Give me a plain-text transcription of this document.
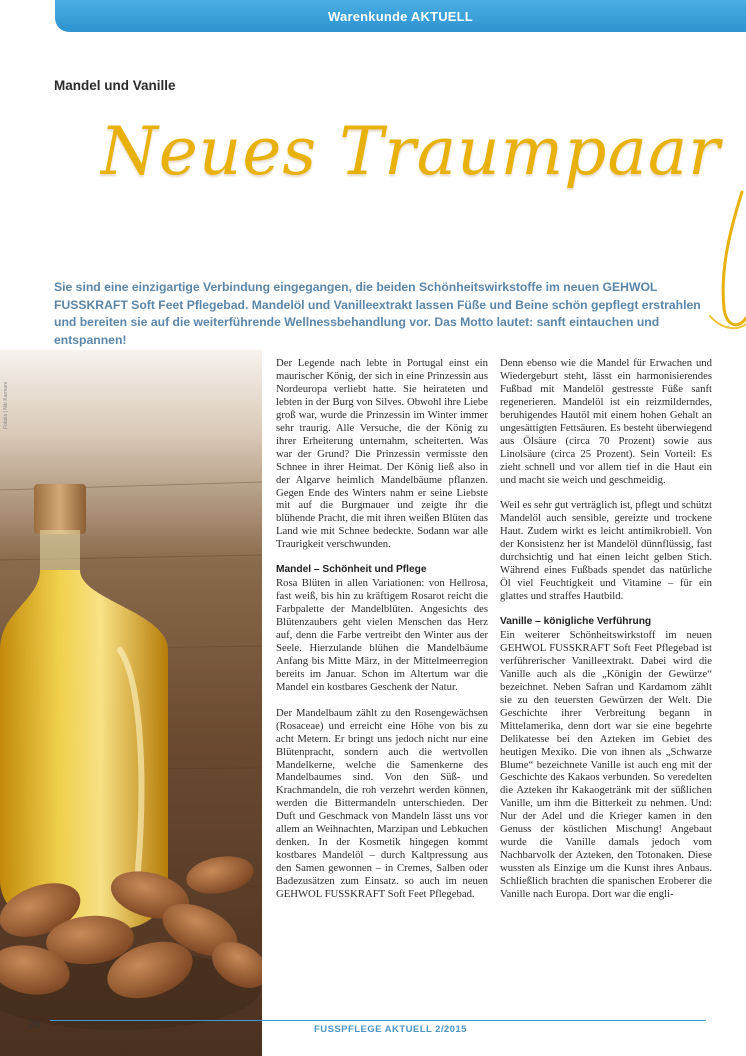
Warenkunde AKTUELL
Mandel und Vanille
Neues Traumpaar
Sie sind eine einzigartige Verbindung eingegangen, die beiden Schönheitswirkstoffe im neuen GEHWOL FUSSKRAFT Soft Feet Pflegebad. Mandelöl und Vanilleextrakt lassen Füße und Beine schön gepflegt erstrahlen und bereiten sie auf die weiterführende Wellnessbehandlung vor. Das Motto lautet: sanft eintauchen und entspannen!
Fotolia | Nitr Karmani

Der Legende nach lebte in Portugal einst ein maurischer König, der sich in eine Prinzessin aus Nordeuropa verliebt hatte. Sie heirateten und lebten in der Burg von Silves. Obwohl ihre Liebe groß war, wurde die Prinzessin im Winter immer sehr traurig. Alle Versuche, die der König zu ihrer Erheiterung unternahm, scheiterten. Was war der Grund? Die Prinzessin vermisste den Schnee in ihrer Heimat. Der König ließ also in der Algarve heimlich Mandelbäume pflanzen. Gegen Ende des Winters nahm er seine Liebste mit auf die Burgmauer und zeigte ihr die blühende Pracht, die mit ihren weißen Blüten das Land wie mit Schnee bedeckte. Sodann war alle Traurigkeit verschwunden.

Mandel – Schönheit und Pflege

Rosa Blüten in allen Variationen: von Hellrosa, fast weiß, bis hin zu kräftigem Rosarot reicht die Farbpalette der Mandelblüten. Angesichts des Blütenzaubers geht vielen Menschen das Herz auf, denn die Farbe vertreibt den Winter aus der Seele. Hierzulande blühen die Mandelbäume Anfang bis Mitte März, in der Mittelmeerregion bereits im Januar. Schon im Altertum war die Mandel ein kostbares Geschenk der Natur.

Der Mandelbaum zählt zu den Rosengewächsen (Rosaceae) und erreicht eine Höhe von bis zu acht Metern. Er bringt uns jedoch nicht nur eine Blütenpracht, sondern auch die wertvollen Mandelkerne, welche die Samenkerne des Mandelbaumes sind. Von den Süß- und Krachmandeln, die roh verzehrt werden können, werden die Bittermandeln unterschieden. Der Duft und Geschmack von Mandeln lässt uns vor allem an Weihnachten, Marzipan und Lebkuchen denken. In der Kosmetik hingegen kommt kostbares Mandelöl – durch Kaltpressung aus den Samen gewonnen – in Cremes, Salben oder Badezusätzen zum Einsatz. so auch im neuen GEHWOL FUSSKRAFT Soft Feet Pflegebad.

Denn ebenso wie die Mandel für Erwachen und Wiedergeburt steht, lässt ein harmonisierendes Fußbad mit Mandelöl gestresste Füße sanft regenerieren. Mandelöl ist ein reizmilderndes, beruhigendes Hautöl mit einem hohen Gehalt an ungesättigten Fettsäuren. Es besteht überwiegend aus Ölsäure (circa 70 Prozent) sowie aus Linolsäure (circa 25 Prozent). Sein Vorteil: Es zieht schnell und vor allem tief in die Haut ein und macht sie weich und geschmeidig.

Weil es sehr gut verträglich ist, pflegt und schützt Mandelöl auch sensible, gereizte und trockene Haut. Zudem wirkt es leicht antimikrobiell. Von der Konsistenz her ist Mandelöl dünnflüssig, fast durchsichtig und hat einen leicht gelben Stich. Während eines Fußbads spendet das natürliche Öl viel Feuchtigkeit und Vitamine – für ein glattes und straffes Hautbild.

Vanille – königliche Verführung

Ein weiterer Schönheitswirkstoff im neuen GEHWOL FUSSKRAFT Soft Feet Pflegebad ist verführerischer Vanilleextrakt. Dabei wird die Vanille auch als die „Königin der Gewürze“ bezeichnet. Neben Safran und Kardamom zählt sie zu den teuersten Gewürzen der Welt. Die Geschichte ihrer Verbreitung begann in Mittelamerika, denn dort war sie eine begehrte Delikatesse bei den Azteken im Gebiet des heutigen Mexiko. Die von ihnen als „Schwarze Blume“ bezeichnete Vanille ist auch eng mit der Geschichte des Kakaos verbunden. So veredelten die Azteken ihr Kakaogetränk mit der süßlichen Vanille, um ihm die Bitterkeit zu nehmen. Und: Nur der Adel und die Krieger kamen in den Genuss der köstlichen Mischung! Angebaut wurde die Vanille damals jedoch vom Nachbarvolk der Azteken, den Totonaken. Diese wussten als Einzige um die Kunst ihres Anbaus. Schließlich brachten die spanischen Eroberer die Vanille nach Europa. Dort war die engli-

26	FUSSPFLEGE AKTUELL 2/2015
